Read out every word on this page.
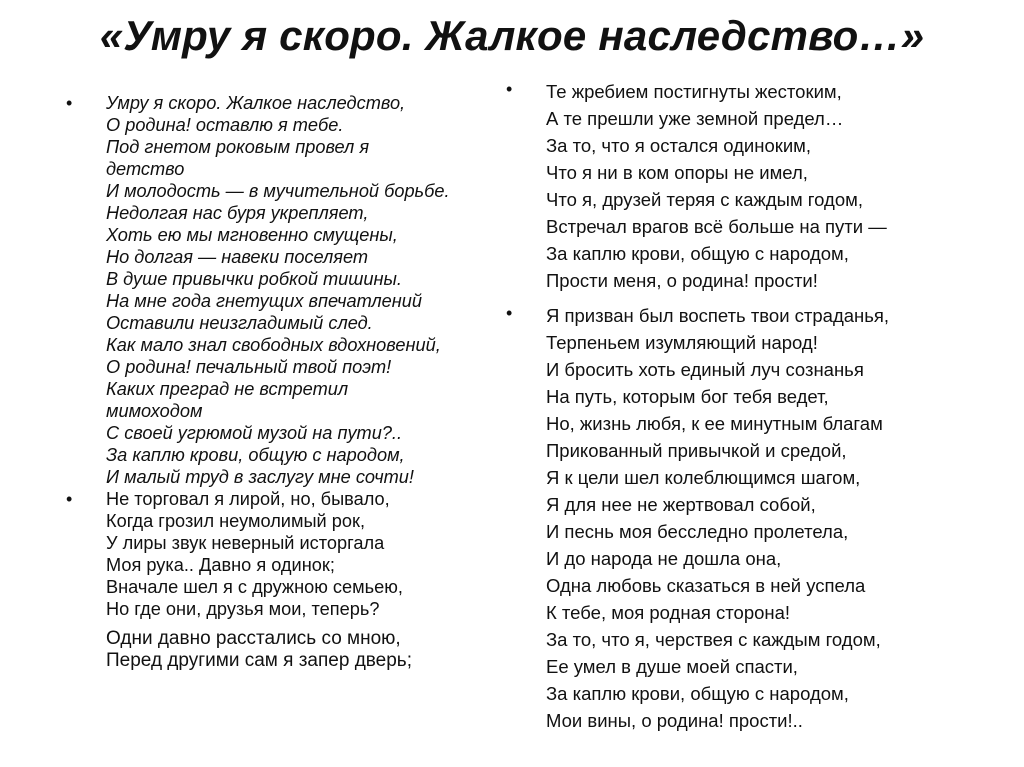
«Умру я скоро. Жалкое наследство…»
• Умру я скоро. Жалкое наследство,
О родина! оставлю я тебе.
Под гнетом роковым провел я
детство
И молодость — в мучительной борьбе.
Недолгая нас буря укрепляет,
Хоть ею мы мгновенно смущены,
Но долгая — навеки поселяет
В душе привычки робкой тишины.
На мне года гнетущих впечатлений
Оставили неизгладимый след.
Как мало знал свободных вдохновений,
О родина! печальный твой поэт!
Каких преград не встретил
мимоходом
С своей угрюмой музой на пути?..
За каплю крови, общую с народом,
И малый труд в заслугу мне сочти!
• Не торговал я лирой, но, бывало,
Когда грозил неумолимый рок,
У лиры звук неверный исторгала
Моя рука.. Давно я одинок;
Вначале шел я с дружною семьею,
Но где они, друзья мои, теперь?
Одни давно расстались со мною,
Перед другими сам я запер дверь;
• Те жребием постигнуты жестоким,
А те прешли уже земной предел…
За то, что я остался одиноким,
Что я ни в ком опоры не имел,
Что я, друзей теряя с каждым годом,
Встречал врагов всё больше на пути —
За каплю крови, общую с народом,
Прости меня, о родина! прости!
• Я призван был воспеть твои страданья,
Терпеньем изумляющий народ!
И бросить хоть единый луч сознанья
На путь, которым бог тебя ведет,
Но, жизнь любя, к ее минутным благам
Прикованный привычкой и средой,
Я к цели шел колеблющимся шагом,
Я для нее не жертвовал собой,
И песнь моя бесследно пролетела,
И до народа не дошла она,
Одна любовь сказаться в ней успела
К тебе, моя родная сторона!
За то, что я, черствея с каждым годом,
Ее умел в душе моей спасти,
За каплю крови, общую с народом,
Мои вины, о родина! прости!..
